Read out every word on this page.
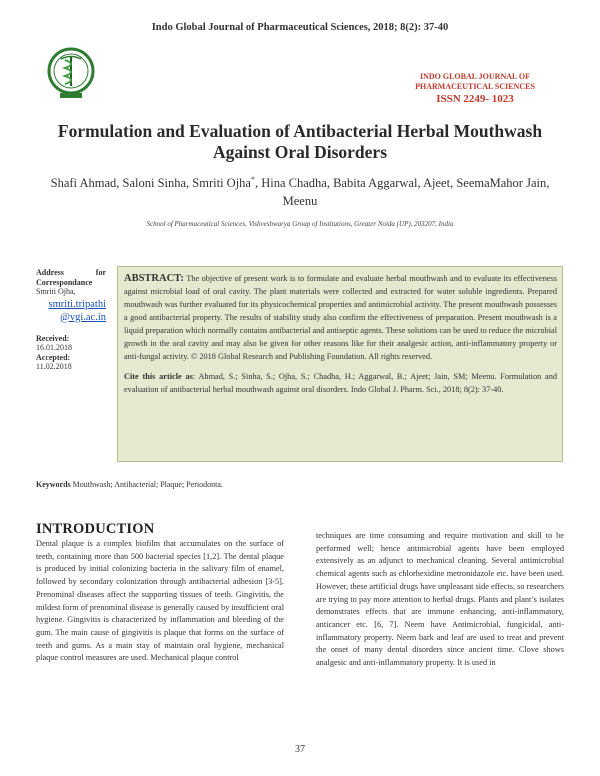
Indo Global Journal of Pharmaceutical Sciences, 2018; 8(2): 37-40
INDO GLOBAL JOURNAL OF
PHARMACEUTICAL SCIENCES
ISSN 2249- 1023
Formulation and Evaluation of Antibacterial Herbal Mouthwash
Against Oral Disorders
Shafi Ahmad, Saloni Sinha, Smriti Ojha*, Hina Chadha, Babita Aggarwal, Ajeet, SeemaMahor Jain,
Meenu
School of Pharmaceutical Sciences, Vishveshwarya Group of Institutions, Greater Noida (UP), 203207, India
Address	for
Correspondance
Smriti Ojha,
smriti.tripathi
@vgi.ac.in
Received:
16.01.2018
Accepted:
11.02.2018
ABSTRACT: The objective of present work is to formulate and evaluate herbal mouthwash and to evaluate its effectiveness against microbial load of oral cavity. The plant materials were collected and extracted for water soluble ingredients. Prepared mouthwash was further evaluated for its physicochemical properties and antimicrobial activity. The present mouthwash possesses a good antibacterial property. The results of stability study also confirm the effectiveness of preparation. Present mouthwash is a liquid preparation which normally contains antibacterial and antiseptic agents. These solutions can be used to reduce the microbial growth in the oral cavity and may also be given for other reasons like for their analgesic action, anti-inflammatory property or anti-fungal activity. © 2018 Global Research and Publishing Foundation. All rights reserved.
Cite this article as: Ahmad, S.; Sinha, S.; Ojha, S.; Chadha, H.; Aggarwal, B.; Ajeet; Jain, SM; Meenu. Formulation and evaluation of antibacterial herbal mouthwash against oral disorders. Indo Global J. Pharm. Sci., 2018; 8(2): 37-40.
Keywords Mouthwash; Antibacterial; Plaque; Periodonta.
INTRODUCTION
Dental plaque is a complex biofilm that accumulates on the surface of teeth, containing more than 500 bacterial species [1,2]. The dental plaque is produced by initial colonizing bacteria in the salivary film of enamel, followed by secondary colonization through antibacterial adhesion [3-5]. Prenominal diseases affect the supporting tissues of teeth. Gingivitis, the mildest form of prenominal disease is generally caused by insufficient oral hygiene. Gingivitis is characterized by inflammation and bleeding of the gum. The main cause of gingivitis is plaque that forms on the surface of teeth and gums. As a main stay of maintain oral hygiene, mechanical plaque control measures are used. Mechanical plaque control
techniques are time consuming and require motivation and skill to be performed well; hence antimicrobial agents have been employed extensively as an adjunct to mechanical cleaning. Several antimicrobial chemical agents such as chlorhexidine metronidazole etc. have been used. However, these artificial drugs have unpleasant side effects, so researchers are trying to pay more attention to herbal drugs. Plants and plant’s isolates demonstrates effects that are immune enhancing, anti-inflammatory, anticancer etc. [6, 7]. Neem have Antimicrobial, fungicidal, anti-inflammatory property. Neem bark and leaf are used to treat and prevent the onset of many dental disorders since ancient time. Clove shows analgesic and anti-inflammatory property. It is used in
37
